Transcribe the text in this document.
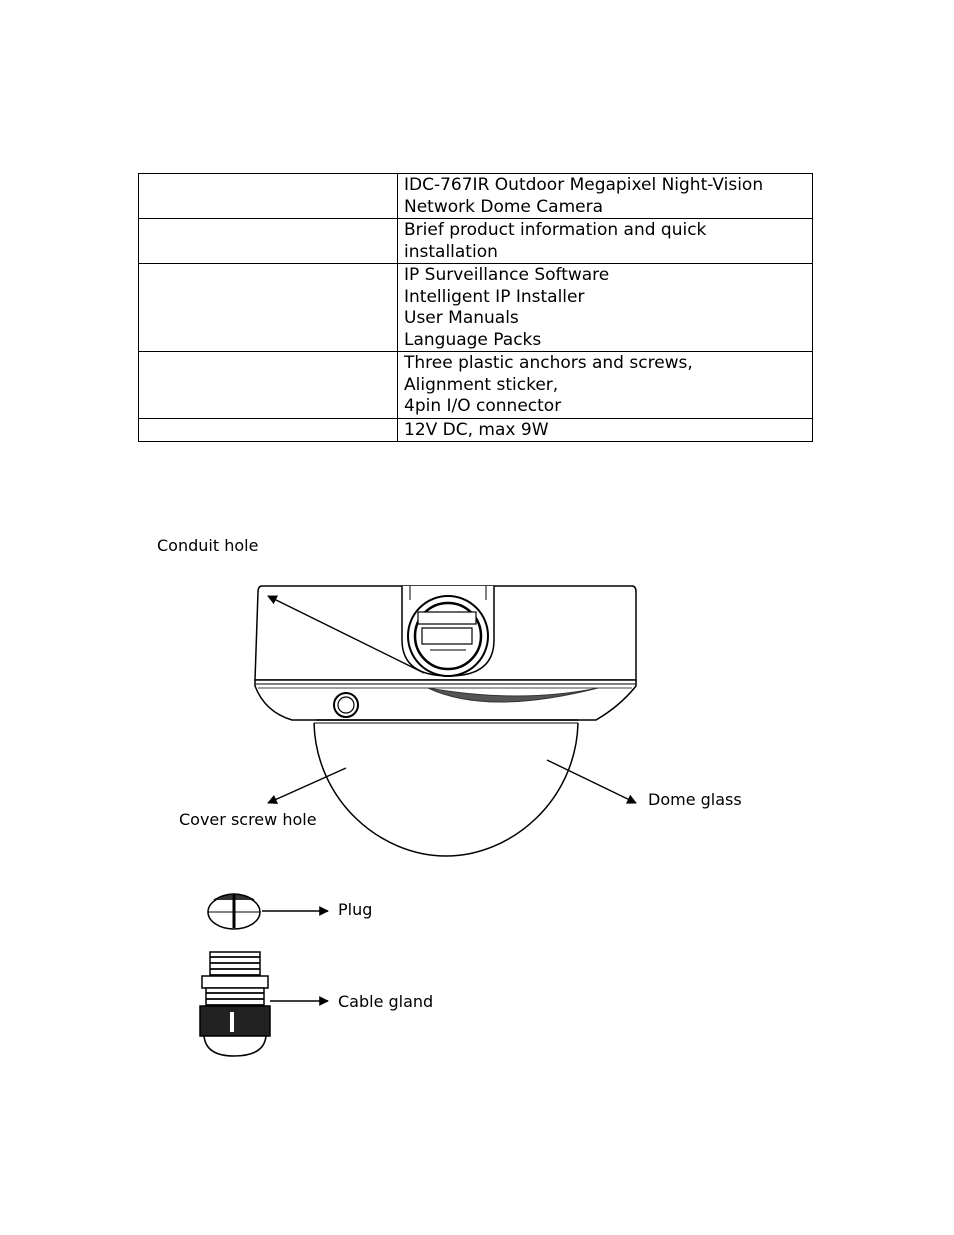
	IDC-767IR Outdoor Megapixel Night-Vision
Network Dome Camera

	Brief product information and quick
installation

	IP Surveillance Software
Intelligent IP Installer
User Manuals
Language Packs

	Three plastic anchors and screws,
Alignment sticker,
4pin I/O connector

	12V DC, max 9W
Conduit hole
Cover screw hole
Dome glass
Plug
Cable gland
